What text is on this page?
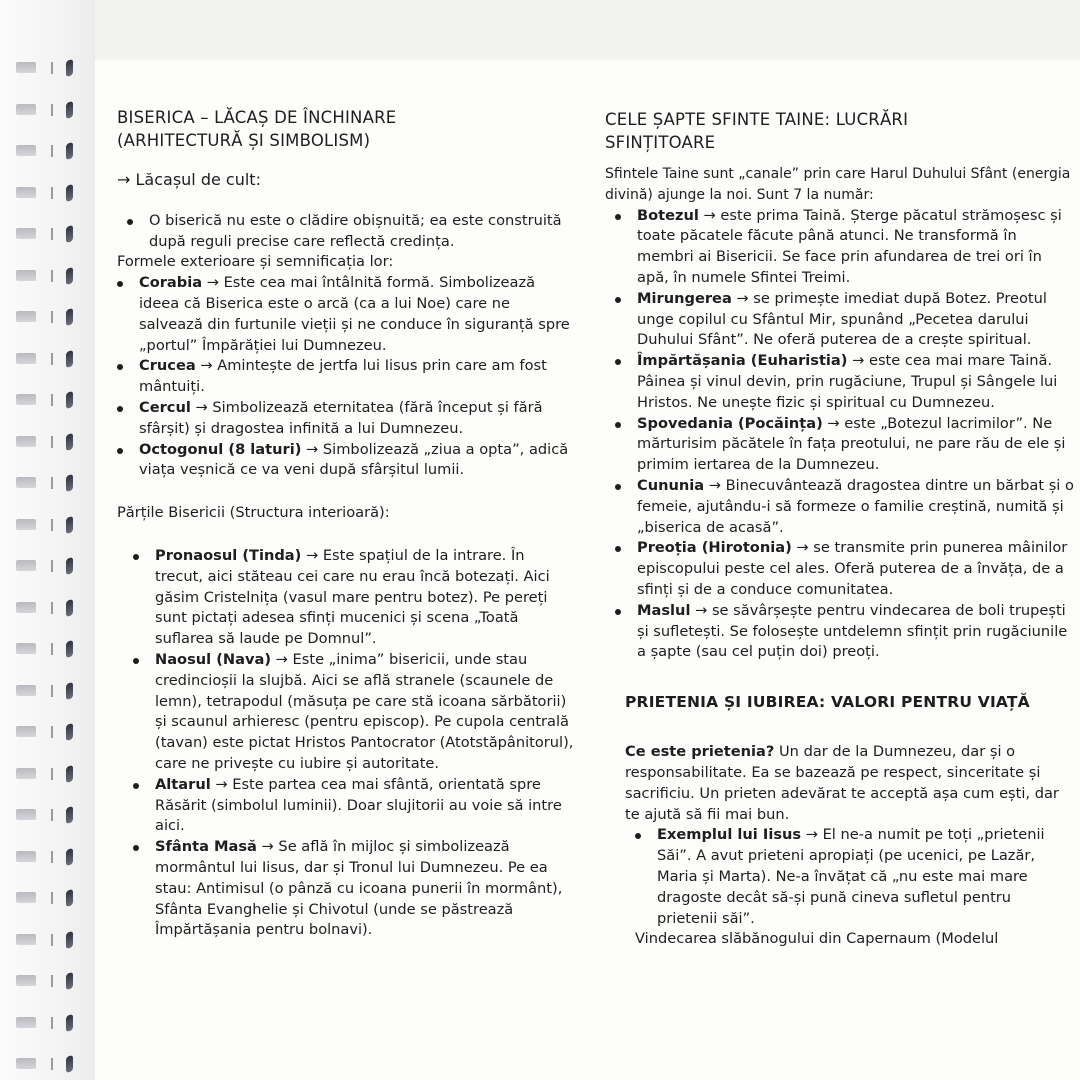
BISERICA – LĂCAȘ DE ÎNCHINARE
(ARHITECTURĂ ȘI SIMBOLISM)
→ Lăcașul de cult:
O biserică nu este o clădire obișnuită; ea este construită după reguli precise care reflectă credința.

Formele exterioare și semnificația lor:

Corabia → Este cea mai întâlnită formă. Simbolizează ideea că Biserica este o arcă (ca a lui Noe) care ne salvează din furtunile vieții și ne conduce în siguranță spre „portul” Împărăției lui Dumnezeu.
Crucea → Amintește de jertfa lui Iisus prin care am fost mântuiți.
Cercul → Simbolizează eternitatea (fără început și fără sfârșit) și dragostea infinită a lui Dumnezeu.
Octogonul (8 laturi) → Simbolizează „ziua a opta”, adică viața veșnică ce va veni după sfârșitul lumii.

Părțile Bisericii (Structura interioară):

Pronaosul (Tinda) → Este spațiul de la intrare. În trecut, aici stăteau cei care nu erau încă botezați. Aici găsim Cristelnița (vasul mare pentru botez). Pe pereți sunt pictați adesea sfinți mucenici și scena „Toată suflarea să laude pe Domnul”.
Naosul (Nava) → Este „inima” bisericii, unde stau credincioșii la slujbă. Aici se află stranele (scaunele de lemn), tetrapodul (măsuța pe care stă icoana sărbătorii) și scaunul arhieresc (pentru episcop). Pe cupola centrală (tavan) este pictat Hristos Pantocrator (Atotstăpânitorul), care ne privește cu iubire și autoritate.
Altarul → Este partea cea mai sfântă, orientată spre Răsărit (simbolul luminii). Doar slujitorii au voie să intre aici.
Sfânta Masă → Se află în mijloc și simbolizează mormântul lui Iisus, dar și Tronul lui Dumnezeu. Pe ea stau: Antimisul (o pânză cu icoana punerii în mormânt), Sfânta Evanghelie și Chivotul (unde se păstrează Împărtășania pentru bolnavi).
CELE ȘAPTE SFINTE TAINE: LUCRĂRI
SFINȚITOARE

Sfintele Taine sunt „canale” prin care Harul Duhului Sfânt (energia divină) ajunge la noi. Sunt 7 la număr:

Botezul → este prima Taină. Șterge păcatul strămoșesc și toate păcatele făcute până atunci. Ne transformă în membri ai Bisericii. Se face prin afundarea de trei ori în apă, în numele Sfintei Treimi.
Mirungerea → se primește imediat după Botez. Preotul unge copilul cu Sfântul Mir, spunând „Pecetea darului Duhului Sfânt”. Ne oferă puterea de a crește spiritual.
Împărtășania (Euharistia) → este cea mai mare Taină. Pâinea și vinul devin, prin rugăciune, Trupul și Sângele lui Hristos. Ne unește fizic și spiritual cu Dumnezeu.
Spovedania (Pocăința) → este „Botezul lacrimilor”. Ne mărturisim păcătele în fața preotului, ne pare rău de ele și primim iertarea de la Dumnezeu.
Cununia → Binecuvântează dragostea dintre un bărbat și o femeie, ajutându-i să formeze o familie creștină, numită și „biserica de acasă”.
Preoția (Hirotonia) → se transmite prin punerea mâinilor episcopului peste cel ales. Oferă puterea de a învăța, de a sfinți și de a conduce comunitatea.
Maslul → se săvârșește pentru vindecarea de boli trupești și sufletești. Se folosește untdelemn sfințit prin rugăciunile a șapte (sau cel puțin doi) preoți.
PRIETENIA ȘI IUBIREA: VALORI PENTRU VIAȚĂ

Ce este prietenia? Un dar de la Dumnezeu, dar și o responsabilitate. Ea se bazează pe respect, sinceritate și sacrificiu. Un prieten adevărat te acceptă așa cum ești, dar te ajută să fii mai bun.

Exemplul lui Iisus → El ne-a numit pe toți „prietenii Săi”. A avut prieteni apropiați (pe ucenici, pe Lazăr, Maria și Marta). Ne-a învățat că „nu este mai mare dragoste decât să-și pună cineva sufletul pentru prietenii săi”.

Vindecarea slăbănogului din Capernaum (Modelul
